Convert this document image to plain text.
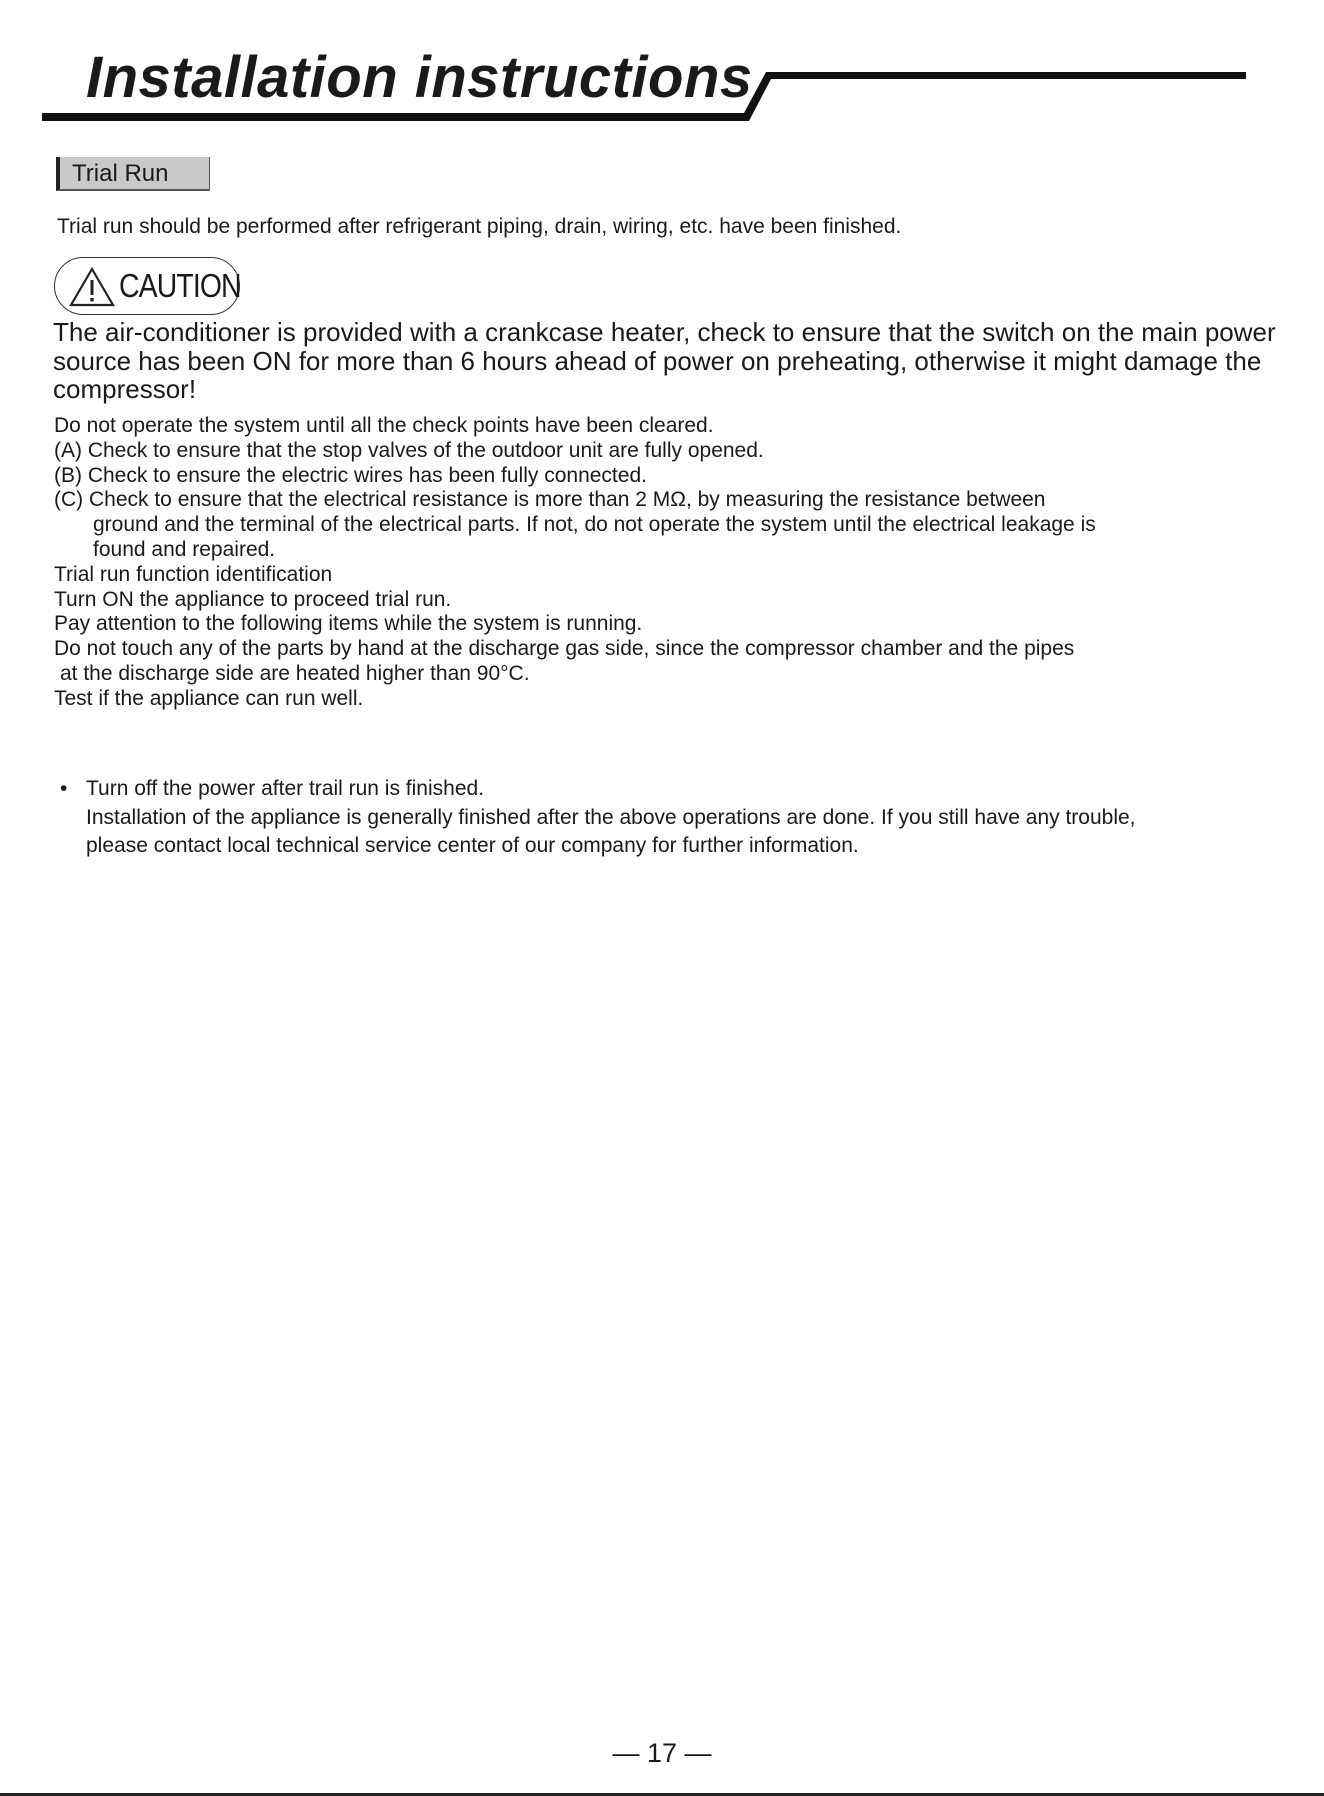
Installation instructions
Trial Run
Trial run should be performed after refrigerant piping, drain, wiring, etc. have been finished.
CAUTION

The air-conditioner is provided with a crankcase heater, check to ensure that the switch on the main power source has been ON for more than 6 hours ahead of power on preheating, otherwise it might damage the compressor!

Do not operate the system until all the check points have been cleared.
(A) Check to ensure that the stop valves of the outdoor unit are fully opened.
(B) Check to ensure the electric wires has been fully connected.
(C) Check to ensure that the electrical resistance is more than 2 MΩ, by measuring the resistance between
ground and the terminal of the electrical parts. If not, do not operate the system until the electrical leakage is
found and repaired.
Trial run function identification
Turn ON the appliance to proceed trial run.
Pay attention to the following items while the system is running.
Do not touch any of the parts by hand at the discharge gas side, since the compressor chamber and the pipes
at the discharge side are heated higher than 90°C.
Test if the appliance can run well.
• Turn off the power after trail run is finished.
Installation of the appliance is generally finished after the above operations are done. If you still have any trouble,
please contact local technical service center of our company for further information.
— 17 —
